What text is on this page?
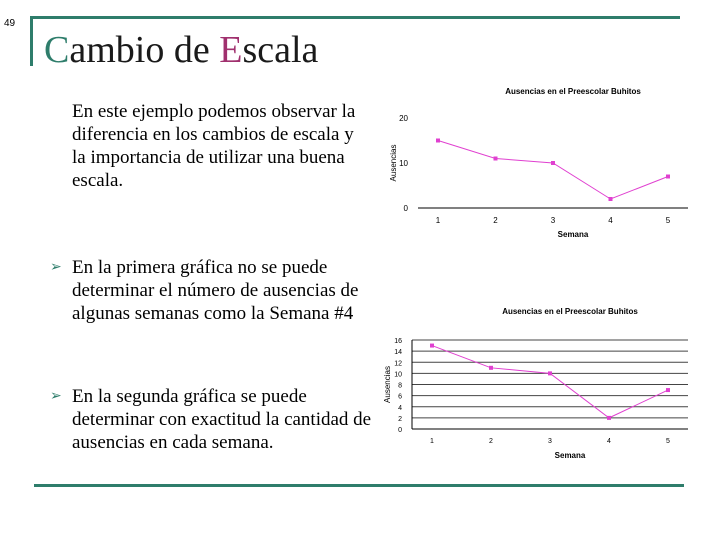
49
Cambio de Escala
En este ejemplo podemos observar la diferencia en los cambios de escala y la importancia de utilizar una buena escala.
➢ En la primera gráfica no se puede determinar el número de ausencias de algunas semanas como la Semana #4
➢ En la segunda gráfica se puede determinar con exactitud la cantidad de ausencias en cada semana.
Ausencias en el Preescolar Buhitos
0
10
20
1	2	3	4	5
Semana
Ausencias
Ausencias en el Preescolar Buhitos
0
2
4
6
8
10
12
14
16
1	2	3	4	5
Semana
Ausencias
